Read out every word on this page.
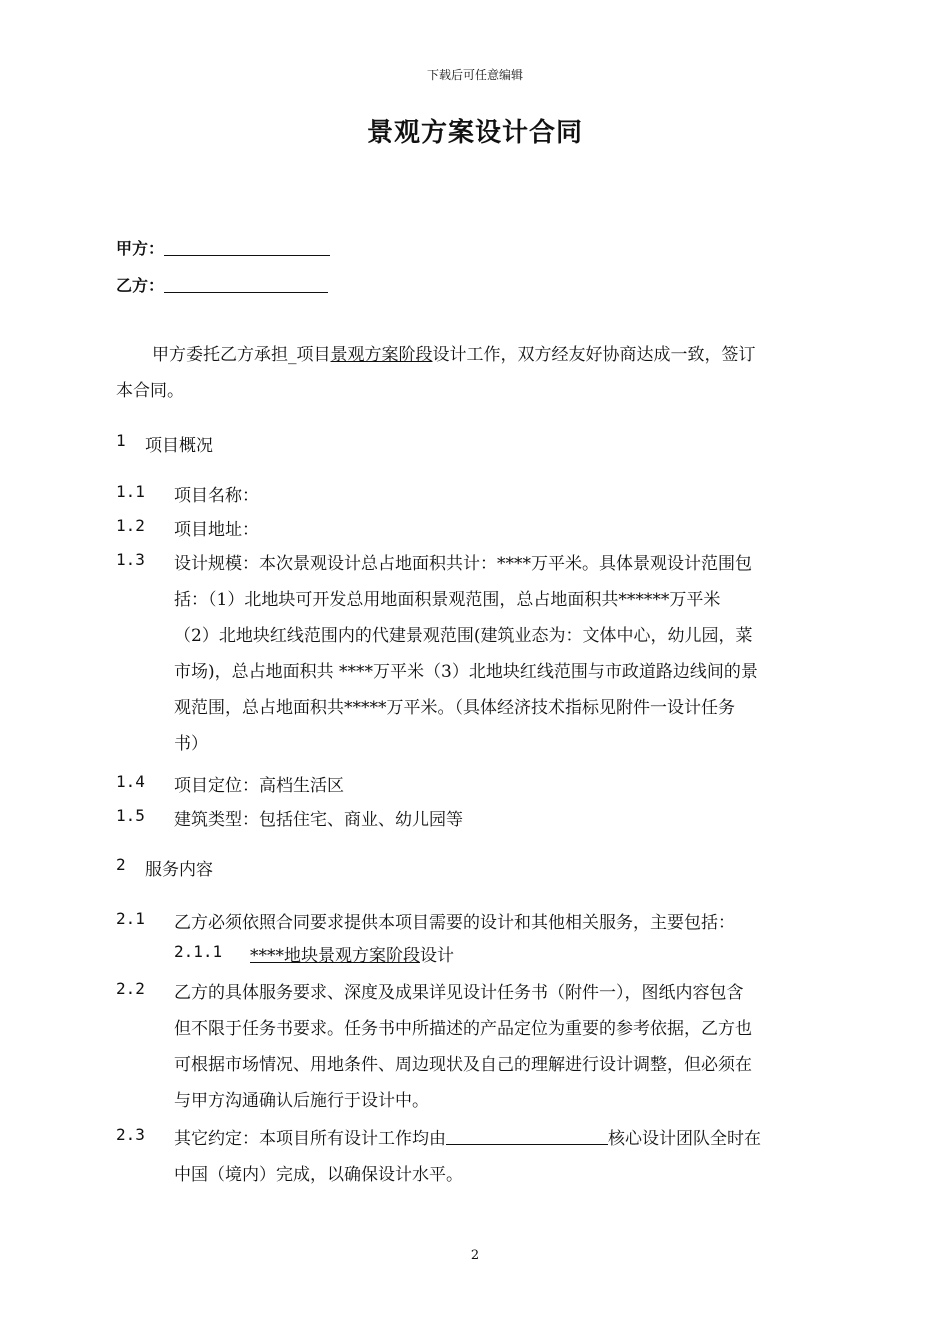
下载后可任意编辑
景观方案设计合同
甲方：
乙方：
甲方委托乙方承担_项目景观方案阶段设计工作，双方经友好协商达成一致，签订
本合同。
1 项目概况
1.1 项目名称：
1.2 项目地址：
1.3 设计规模：本次景观设计总占地面积共计：****万平米。具体景观设计范围包
括：（1）北地块可开发总用地面积景观范围，总占地面积共******万平米
（2）北地块红线范围内的代建景观范围(建筑业态为：文体中心，幼儿园，菜
市场)，总占地面积共 ****万平米（3）北地块红线范围与市政道路边线间的景
观范围，总占地面积共*****万平米。（具体经济技术指标见附件一设计任务
书）
1.4 项目定位：高档生活区
1.5 建筑类型：包括住宅、商业、幼儿园等
2 服务内容
2.1 乙方必须依照合同要求提供本项目需要的设计和其他相关服务，主要包括：
2.1.1 ****地块景观方案阶段设计
2.2 乙方的具体服务要求、深度及成果详见设计任务书（附件一），图纸内容包含
但不限于任务书要求。任务书中所描述的产品定位为重要的参考依据，乙方也
可根据市场情况、用地条件、周边现状及自己的理解进行设计调整，但必须在
与甲方沟通确认后施行于设计中。
2.3 其它约定：本项目所有设计工作均由	核心设计团队全时在
中国（境内）完成，以确保设计水平。
2
